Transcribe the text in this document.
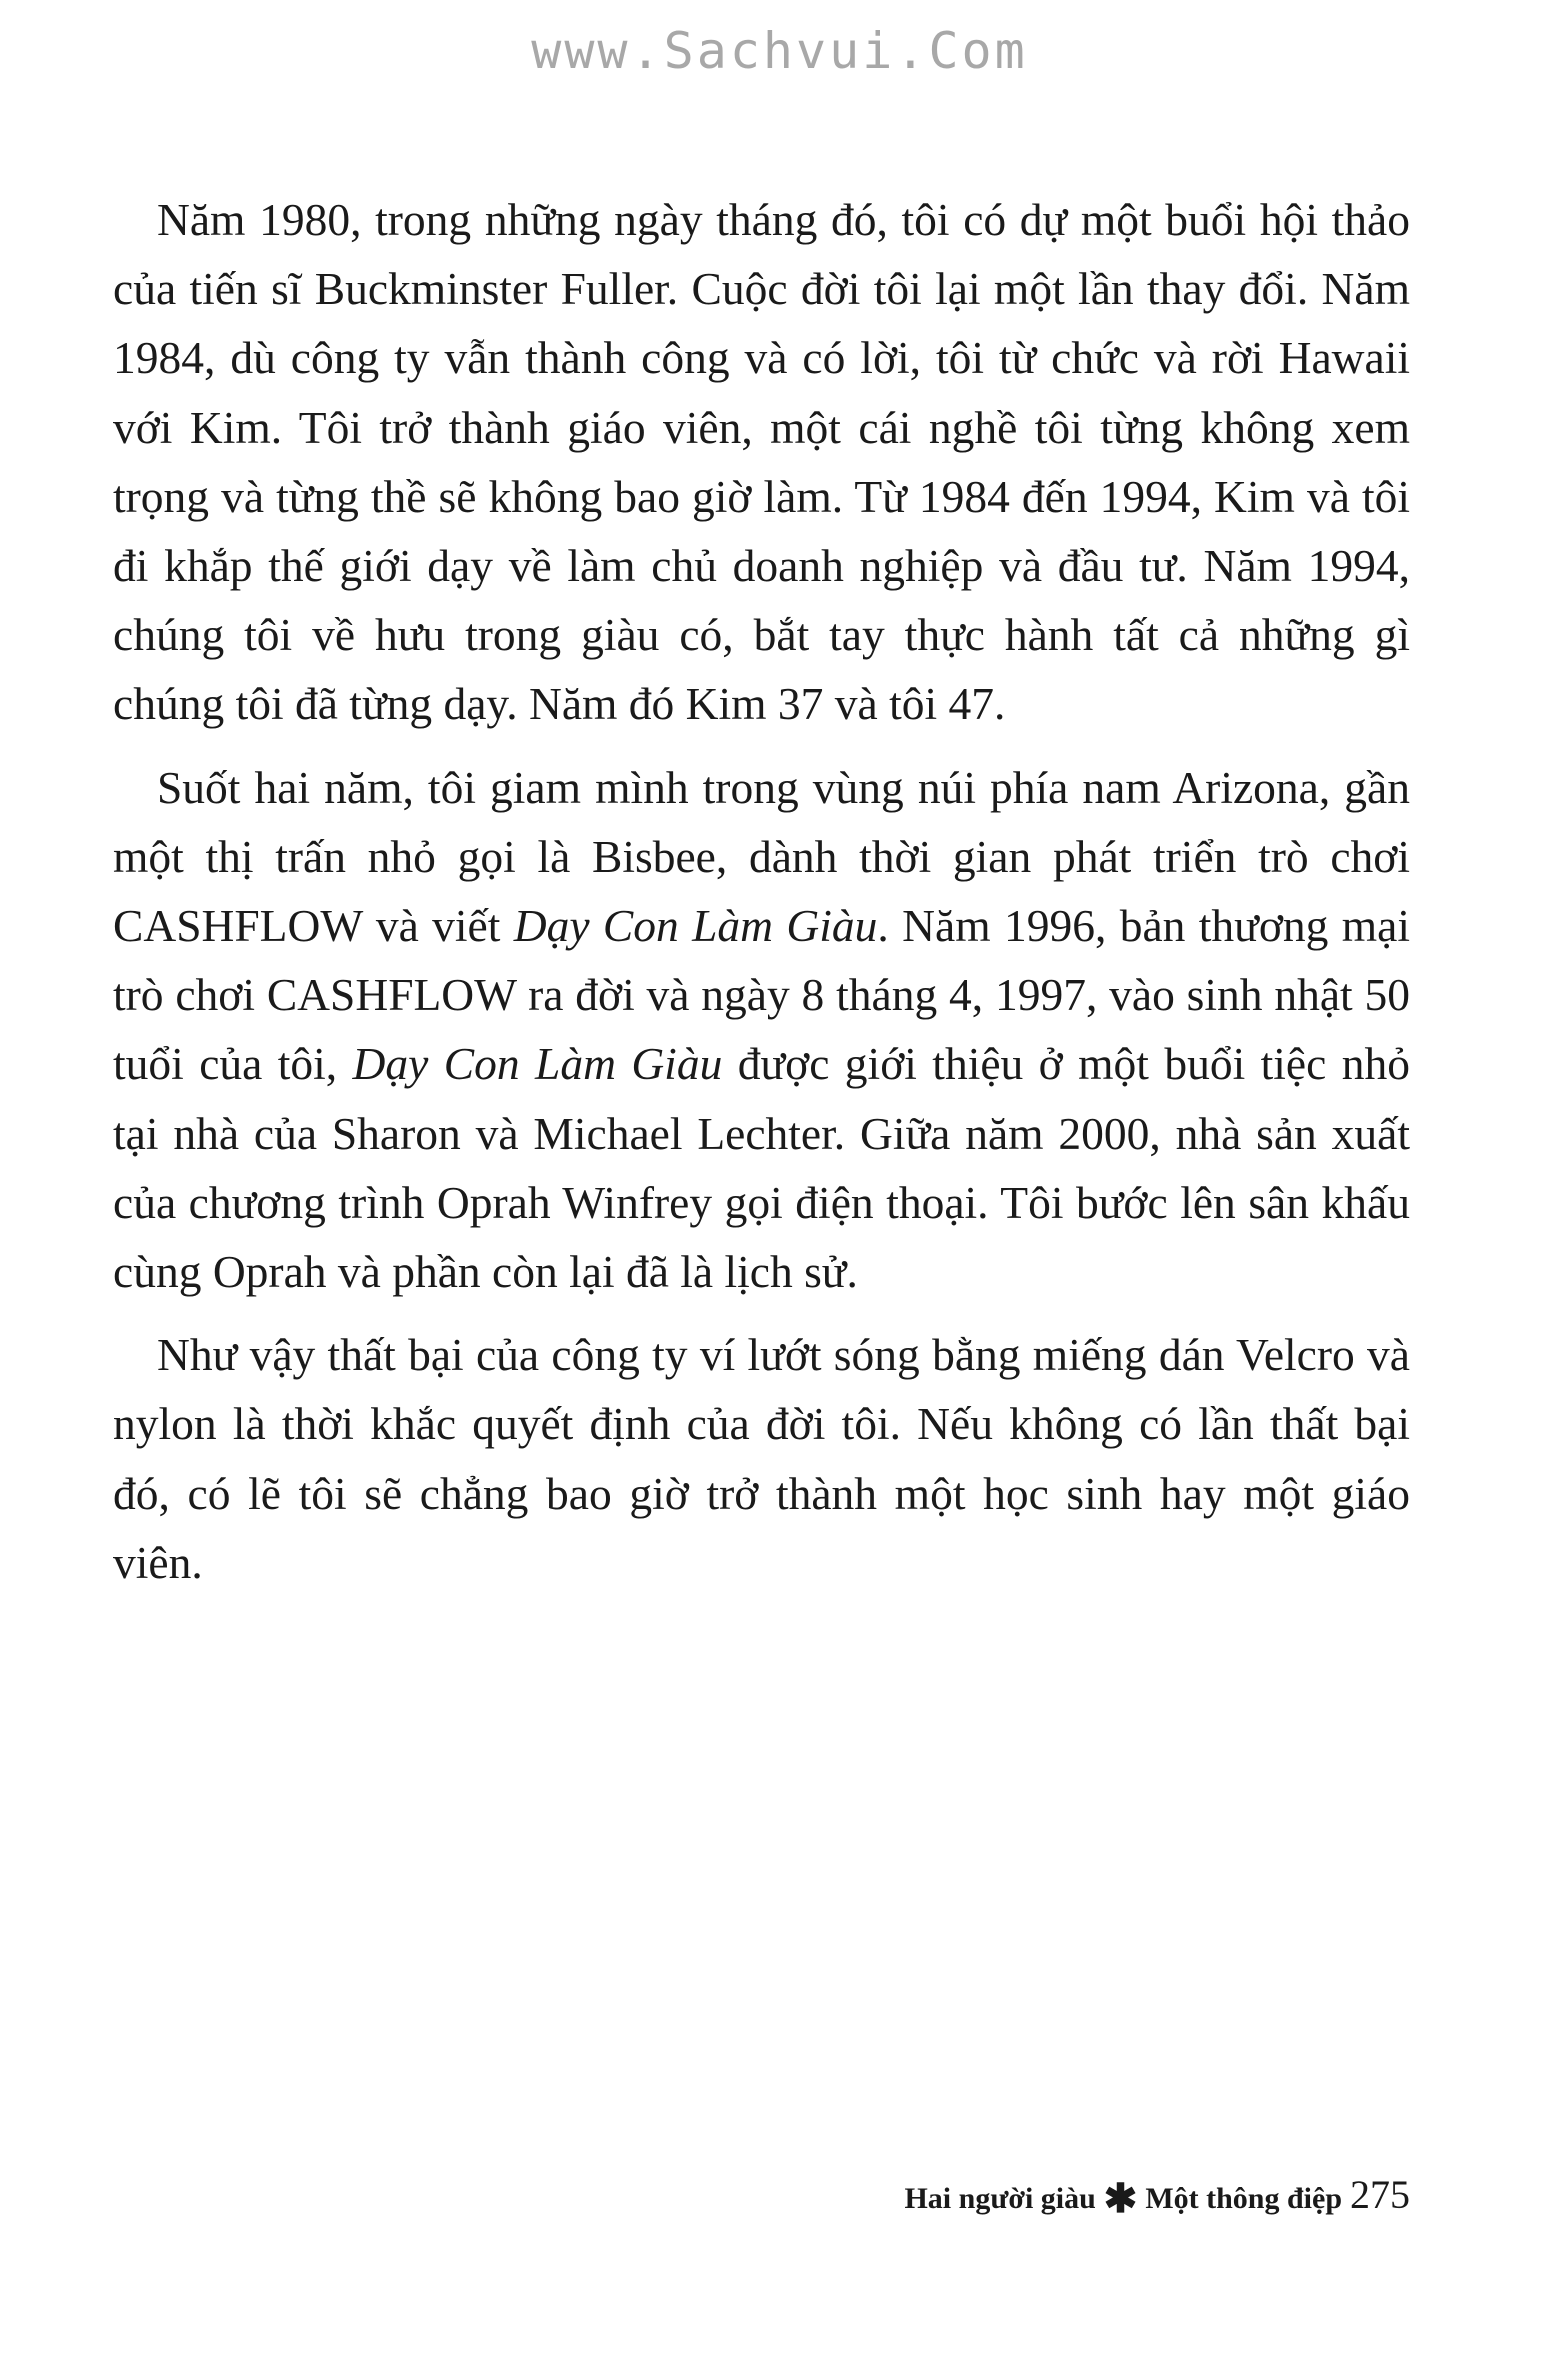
www.Sachvui.Com

Năm 1980, trong những ngày tháng đó, tôi có dự một buổi hội thảo của tiến sĩ Buckminster Fuller. Cuộc đời tôi lại một lần thay đổi. Năm 1984, dù công ty vẫn thành công và có lời, tôi từ chức và rời Hawaii với Kim. Tôi trở thành giáo viên, một cái nghề tôi từng không xem trọng và từng thề sẽ không bao giờ làm. Từ 1984 đến 1994, Kim và tôi đi khắp thế giới dạy về làm chủ doanh nghiệp và đầu tư. Năm 1994, chúng tôi về hưu trong giàu có, bắt tay thực hành tất cả những gì chúng tôi đã từng dạy. Năm đó Kim 37 và tôi 47.

Suốt hai năm, tôi giam mình trong vùng núi phía nam Arizona, gần một thị trấn nhỏ gọi là Bisbee, dành thời gian phát triển trò chơi CASHFLOW và viết Dạy Con Làm Giàu. Năm 1996, bản thương mại trò chơi CASHFLOW ra đời và ngày 8 tháng 4, 1997, vào sinh nhật 50 tuổi của tôi, Dạy Con Làm Giàu được giới thiệu ở một buổi tiệc nhỏ tại nhà của Sharon và Michael Lechter. Giữa năm 2000, nhà sản xuất của chương trình Oprah Winfrey gọi điện thoại. Tôi bước lên sân khấu cùng Oprah và phần còn lại đã là lịch sử.

Như vậy thất bại của công ty ví lướt sóng bằng miếng dán Velcro và nylon là thời khắc quyết định của đời tôi. Nếu không có lần thất bại đó, có lẽ tôi sẽ chẳng bao giờ trở thành một học sinh hay một giáo viên.

Hai người giàu ✱ Một thông điệp 275
